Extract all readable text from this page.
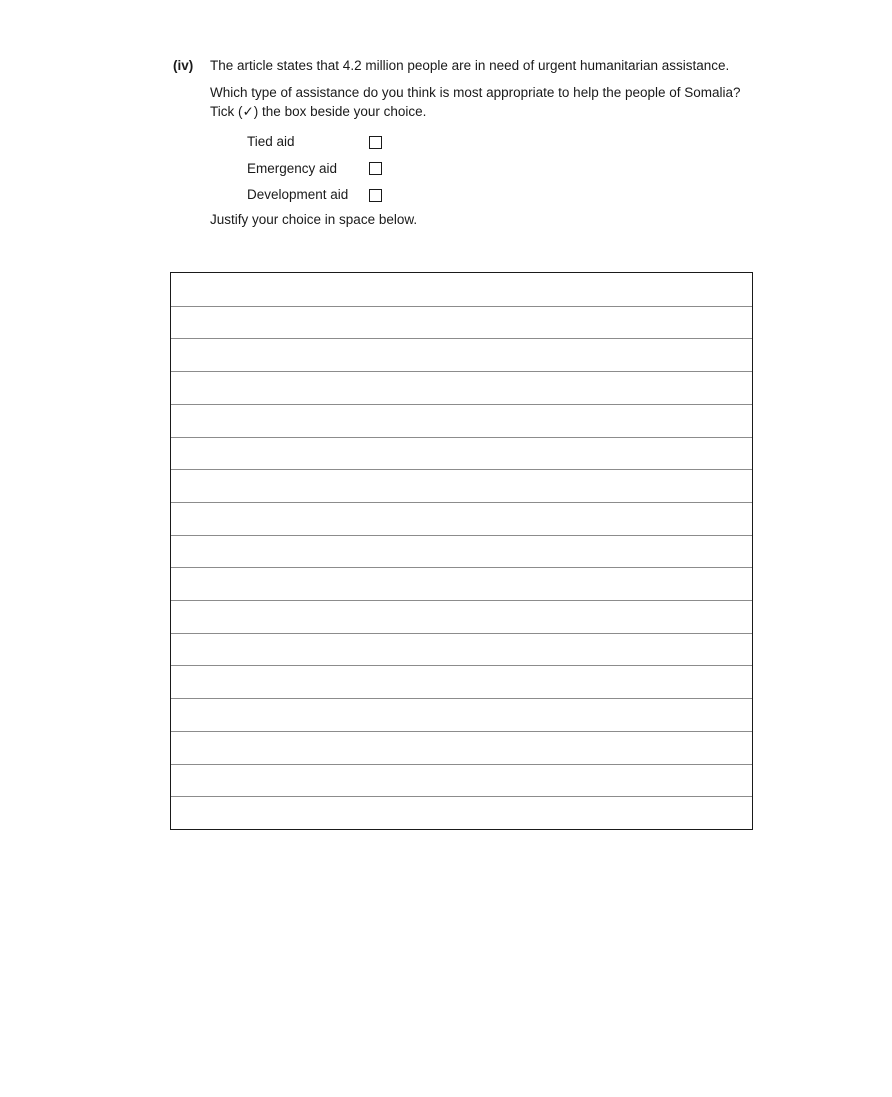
(iv) The article states that 4.2 million people are in need of urgent humanitarian assistance.

Which type of assistance do you think is most appropriate to help the people of Somalia? Tick (✓) the box beside your choice.

Tied aid
Emergency aid
Development aid

Justify your choice in space below.
